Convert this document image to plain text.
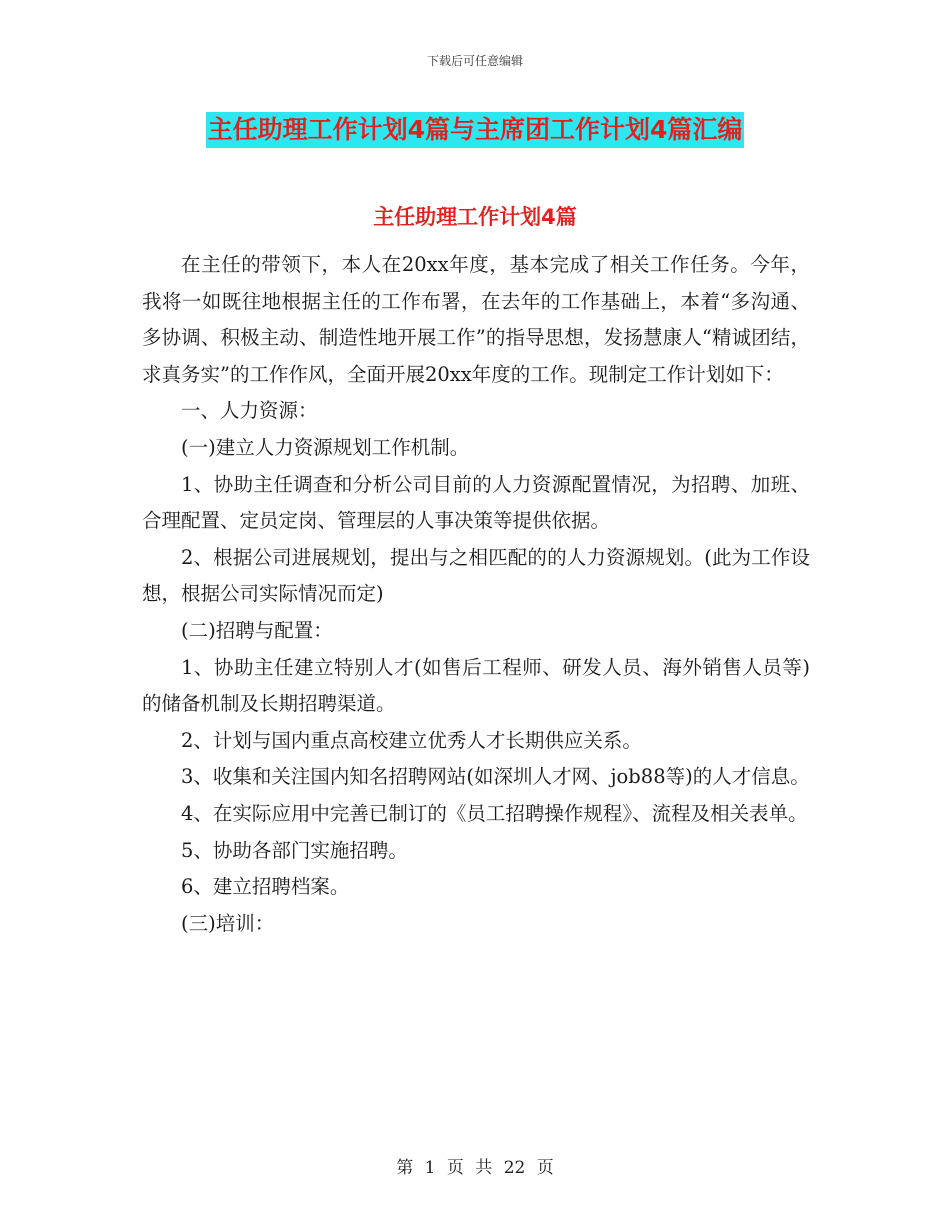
下载后可任意编辑
主任助理工作计划4篇与主席团工作计划4篇汇编
主任助理工作计划4篇

在主任的带领下，本人在20xx年度，基本完成了相关工作任务。今年，我将一如既往地根据主任的工作布署，在去年的工作基础上，本着“多沟通、多协调、积极主动、制造性地开展工作”的指导思想，发扬慧康人“精诚团结，求真务实”的工作作风，全面开展20xx年度的工作。现制定工作计划如下：

一、人力资源：

(一)建立人力资源规划工作机制。

1、协助主任调查和分析公司目前的人力资源配置情况，为招聘、加班、合理配置、定员定岗、管理层的人事决策等提供依据。

2、根据公司进展规划，提出与之相匹配的的人力资源规划。(此为工作设想，根据公司实际情况而定)

(二)招聘与配置：

1、协助主任建立特别人才(如售后工程师、研发人员、海外销售人员等)的储备机制及长期招聘渠道。

2、计划与国内重点高校建立优秀人才长期供应关系。

3、收集和关注国内知名招聘网站(如深圳人才网、job88等)的人才信息。

4、在实际应用中完善已制订的《员工招聘操作规程》、流程及相关表单。

5、协助各部门实施招聘。

6、建立招聘档案。

(三)培训：

第 1 页 共 22 页
